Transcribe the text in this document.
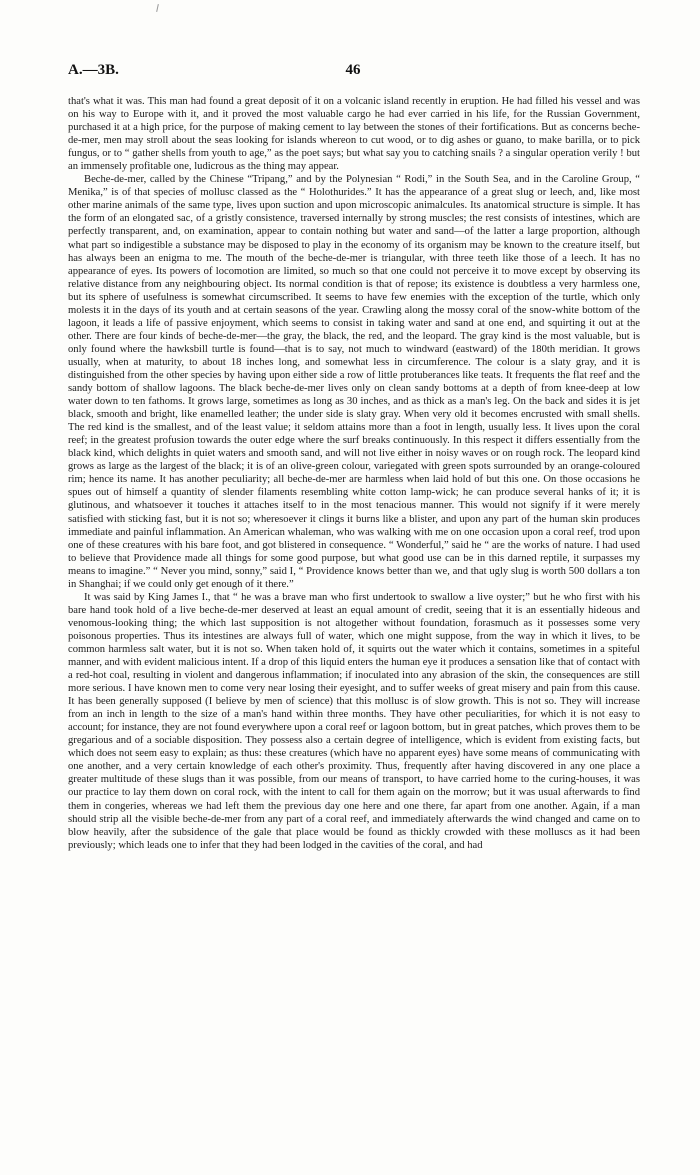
A.—3B.	46

that's what it was. This man had found a great deposit of it on a volcanic island recently in eruption. He had filled his vessel and was on his way to Europe with it, and it proved the most valuable cargo he had ever carried in his life, for the Russian Government, purchased it at a high price, for the purpose of making cement to lay between the stones of their fortifications. But as concerns beche-de-mer, men may stroll about the seas looking for islands whereon to cut wood, or to dig ashes or guano, to make barilla, or to pick fungus, or to “ gather shells from youth to age,” as the poet says; but what say you to catching snails ? a singular operation verily ! but an immensely profitable one, ludicrous as the thing may appear.

Beche-de-mer, called by the Chinese “Tripang,” and by the Polynesian “ Rodi,” in the South Sea, and in the Caroline Group, “ Menika,” is of that species of mollusc classed as the “ Holothurides.” It has the appearance of a great slug or leech, and, like most other marine animals of the same type, lives upon suction and upon microscopic animalcules. Its anatomical structure is simple. It has the form of an elongated sac, of a gristly consistence, traversed internally by strong muscles; the rest consists of intestines, which are perfectly transparent, and, on examination, appear to contain nothing but water and sand—of the latter a large proportion, although what part so indigestible a substance may be disposed to play in the economy of its organism may be known to the creature itself, but has always been an enigma to me. The mouth of the beche-de-mer is triangular, with three teeth like those of a leech. It has no appearance of eyes. Its powers of locomotion are limited, so much so that one could not perceive it to move except by observing its relative distance from any neighbouring object. Its normal condition is that of repose; its existence is doubtless a very harmless one, but its sphere of usefulness is somewhat circumscribed. It seems to have few enemies with the exception of the turtle, which only molests it in the days of its youth and at certain seasons of the year. Crawling along the mossy coral of the snow-white bottom of the lagoon, it leads a life of passive enjoyment, which seems to consist in taking water and sand at one end, and squirting it out at the other. There are four kinds of beche-de-mer—the gray, the black, the red, and the leopard. The gray kind is the most valuable, but is only found where the hawksbill turtle is found—that is to say, not much to windward (eastward) of the 180th meridian. It grows usually, when at maturity, to about 18 inches long, and somewhat less in circumference. The colour is a slaty gray, and it is distinguished from the other species by having upon either side a row of little protuberances like teats. It frequents the flat reef and the sandy bottom of shallow lagoons. The black beche-de-mer lives only on clean sandy bottoms at a depth of from knee-deep at low water down to ten fathoms. It grows large, sometimes as long as 30 inches, and as thick as a man's leg. On the back and sides it is jet black, smooth and bright, like enamelled leather; the under side is slaty gray. When very old it becomes encrusted with small shells. The red kind is the smallest, and of the least value; it seldom attains more than a foot in length, usually less. It lives upon the coral reef; in the greatest profusion towards the outer edge where the surf breaks continuously. In this respect it differs essentially from the black kind, which delights in quiet waters and smooth sand, and will not live either in noisy waves or on rough rock. The leopard kind grows as large as the largest of the black; it is of an olive-green colour, variegated with green spots surrounded by an orange-coloured rim; hence its name. It has another peculiarity; all beche-de-mer are harmless when laid hold of but this one. On those occasions he spues out of himself a quantity of slender filaments resembling white cotton lamp-wick; he can produce several hanks of it; it is glutinous, and whatsoever it touches it attaches itself to in the most tenacious manner. This would not signify if it were merely satisfied with sticking fast, but it is not so; wheresoever it clings it burns like a blister, and upon any part of the human skin produces immediate and painful inflammation. An American whaleman, who was walking with me on one occasion upon a coral reef, trod upon one of these creatures with his bare foot, and got blistered in consequence. “ Wonderful,” said he “ are the works of nature. I had used to believe that Providence made all things for some good purpose, but what good use can be in this darned reptile, it surpasses my means to imagine.” “ Never you mind, sonny,” said I, “ Providence knows better than we, and that ugly slug is worth 500 dollars a ton in Shanghai; if we could only get enough of it there.”

It was said by King James I., that “ he was a brave man who first undertook to swallow a live oyster;” but he who first with his bare hand took hold of a live beche-de-mer deserved at least an equal amount of credit, seeing that it is an essentially hideous and venomous-looking thing; the which last supposition is not altogether without foundation, forasmuch as it possesses some very poisonous properties. Thus its intestines are always full of water, which one might suppose, from the way in which it lives, to be common harmless salt water, but it is not so. When taken hold of, it squirts out the water which it contains, sometimes in a spiteful manner, and with evident malicious intent. If a drop of this liquid enters the human eye it produces a sensation like that of contact with a red-hot coal, resulting in violent and dangerous inflammation; if inoculated into any abrasion of the skin, the consequences are still more serious. I have known men to come very near losing their eyesight, and to suffer weeks of great misery and pain from this cause. It has been generally supposed (I believe by men of science) that this mollusc is of slow growth. This is not so. They will increase from an inch in length to the size of a man's hand within three months. They have other peculiarities, for which it is not easy to account; for instance, they are not found everywhere upon a coral reef or lagoon bottom, but in great patches, which proves them to be gregarious and of a sociable disposition. They possess also a certain degree of intelligence, which is evident from existing facts, but which does not seem easy to explain; as thus: these creatures (which have no apparent eyes) have some means of communicating with one another, and a very certain knowledge of each other's proximity. Thus, frequently after having discovered in any one place a greater multitude of these slugs than it was possible, from our means of transport, to have carried home to the curing-houses, it was our practice to lay them down on coral rock, with the intent to call for them again on the morrow; but it was usual afterwards to find them in congeries, whereas we had left them the previous day one here and one there, far apart from one another. Again, if a man should strip all the visible beche-de-mer from any part of a coral reef, and immediately afterwards the wind changed and came on to blow heavily, after the subsidence of the gale that place would be found as thickly crowded with these molluscs as it had been previously; which leads one to infer that they had been lodged in the cavities of the coral, and had
